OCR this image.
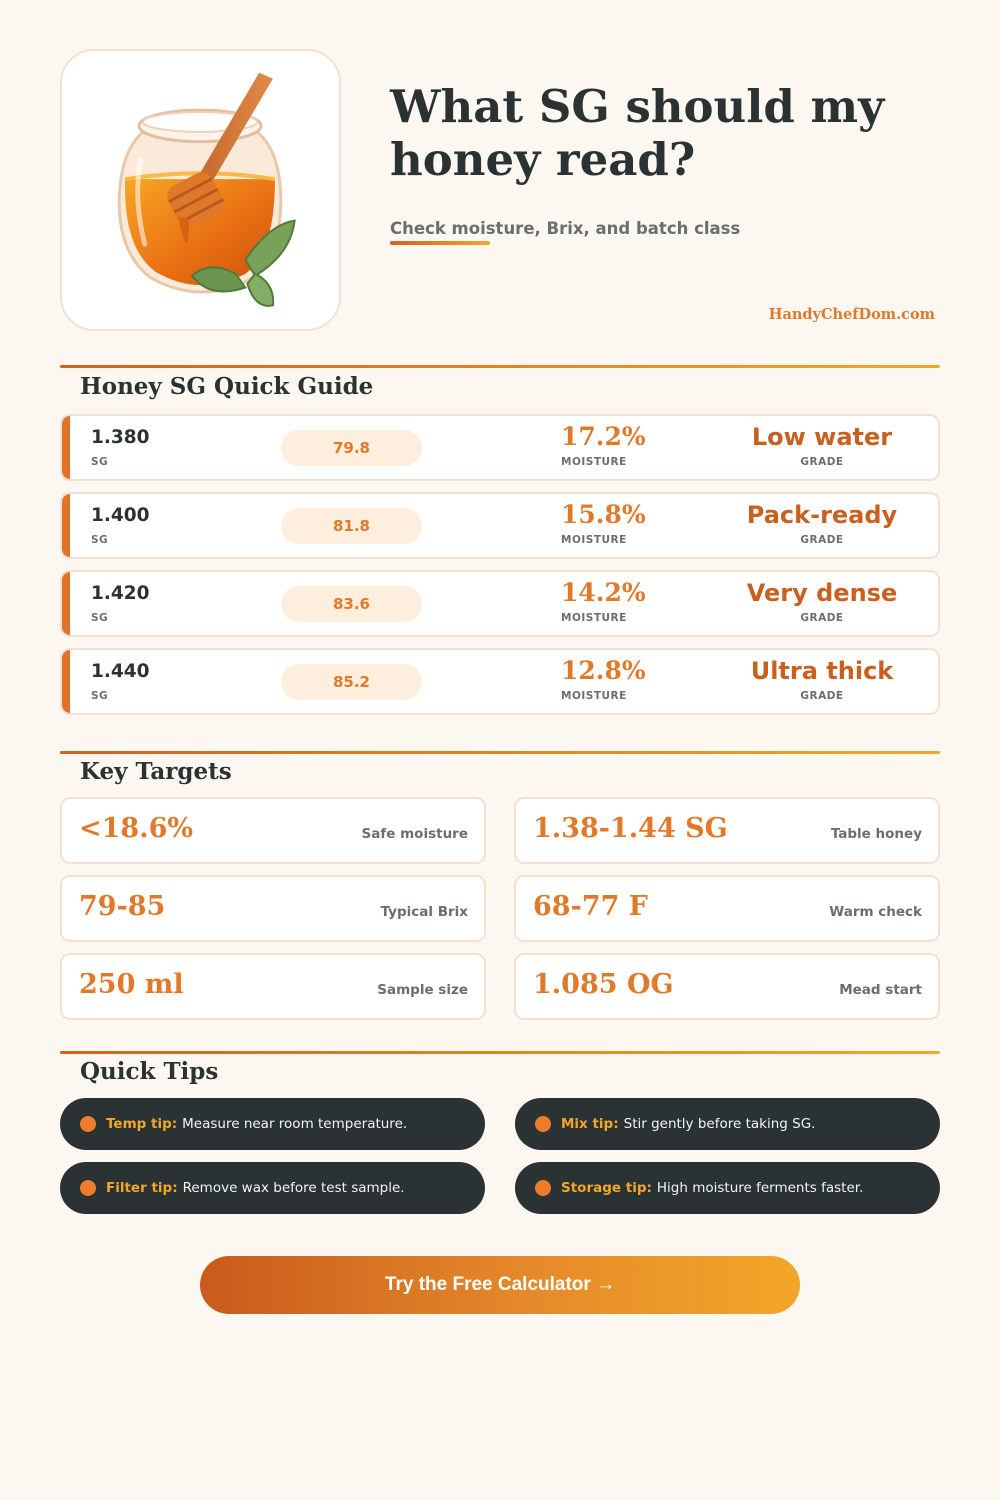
What SG should my honey read?
Check moisture, Brix, and batch class
HandyChefDom.com
Honey SG Quick Guide
1.380
SG
79.8	17.2%
MOISTURE
Low water
GRADE
1.400
SG
81.8	15.8%
MOISTURE
Pack-ready
GRADE
1.420
SG
83.6	14.2%
MOISTURE
Very dense
GRADE
1.440
SG
85.2	12.8%
MOISTURE
Ultra thick
GRADE
Key Targets
<18.6%	Safe moisture 1.38-1.44 SG	Table honey
79-85	Typical Brix 68-77 F	Warm check
250 ml	Sample size 1.085 OG	Mead start
Quick Tips
Temp tip: Measure near room temperature.	Mix tip: Stir gently before taking SG.
Filter tip: Remove wax before test sample.	Storage tip: High moisture ferments faster.
Try the Free Calculator →
